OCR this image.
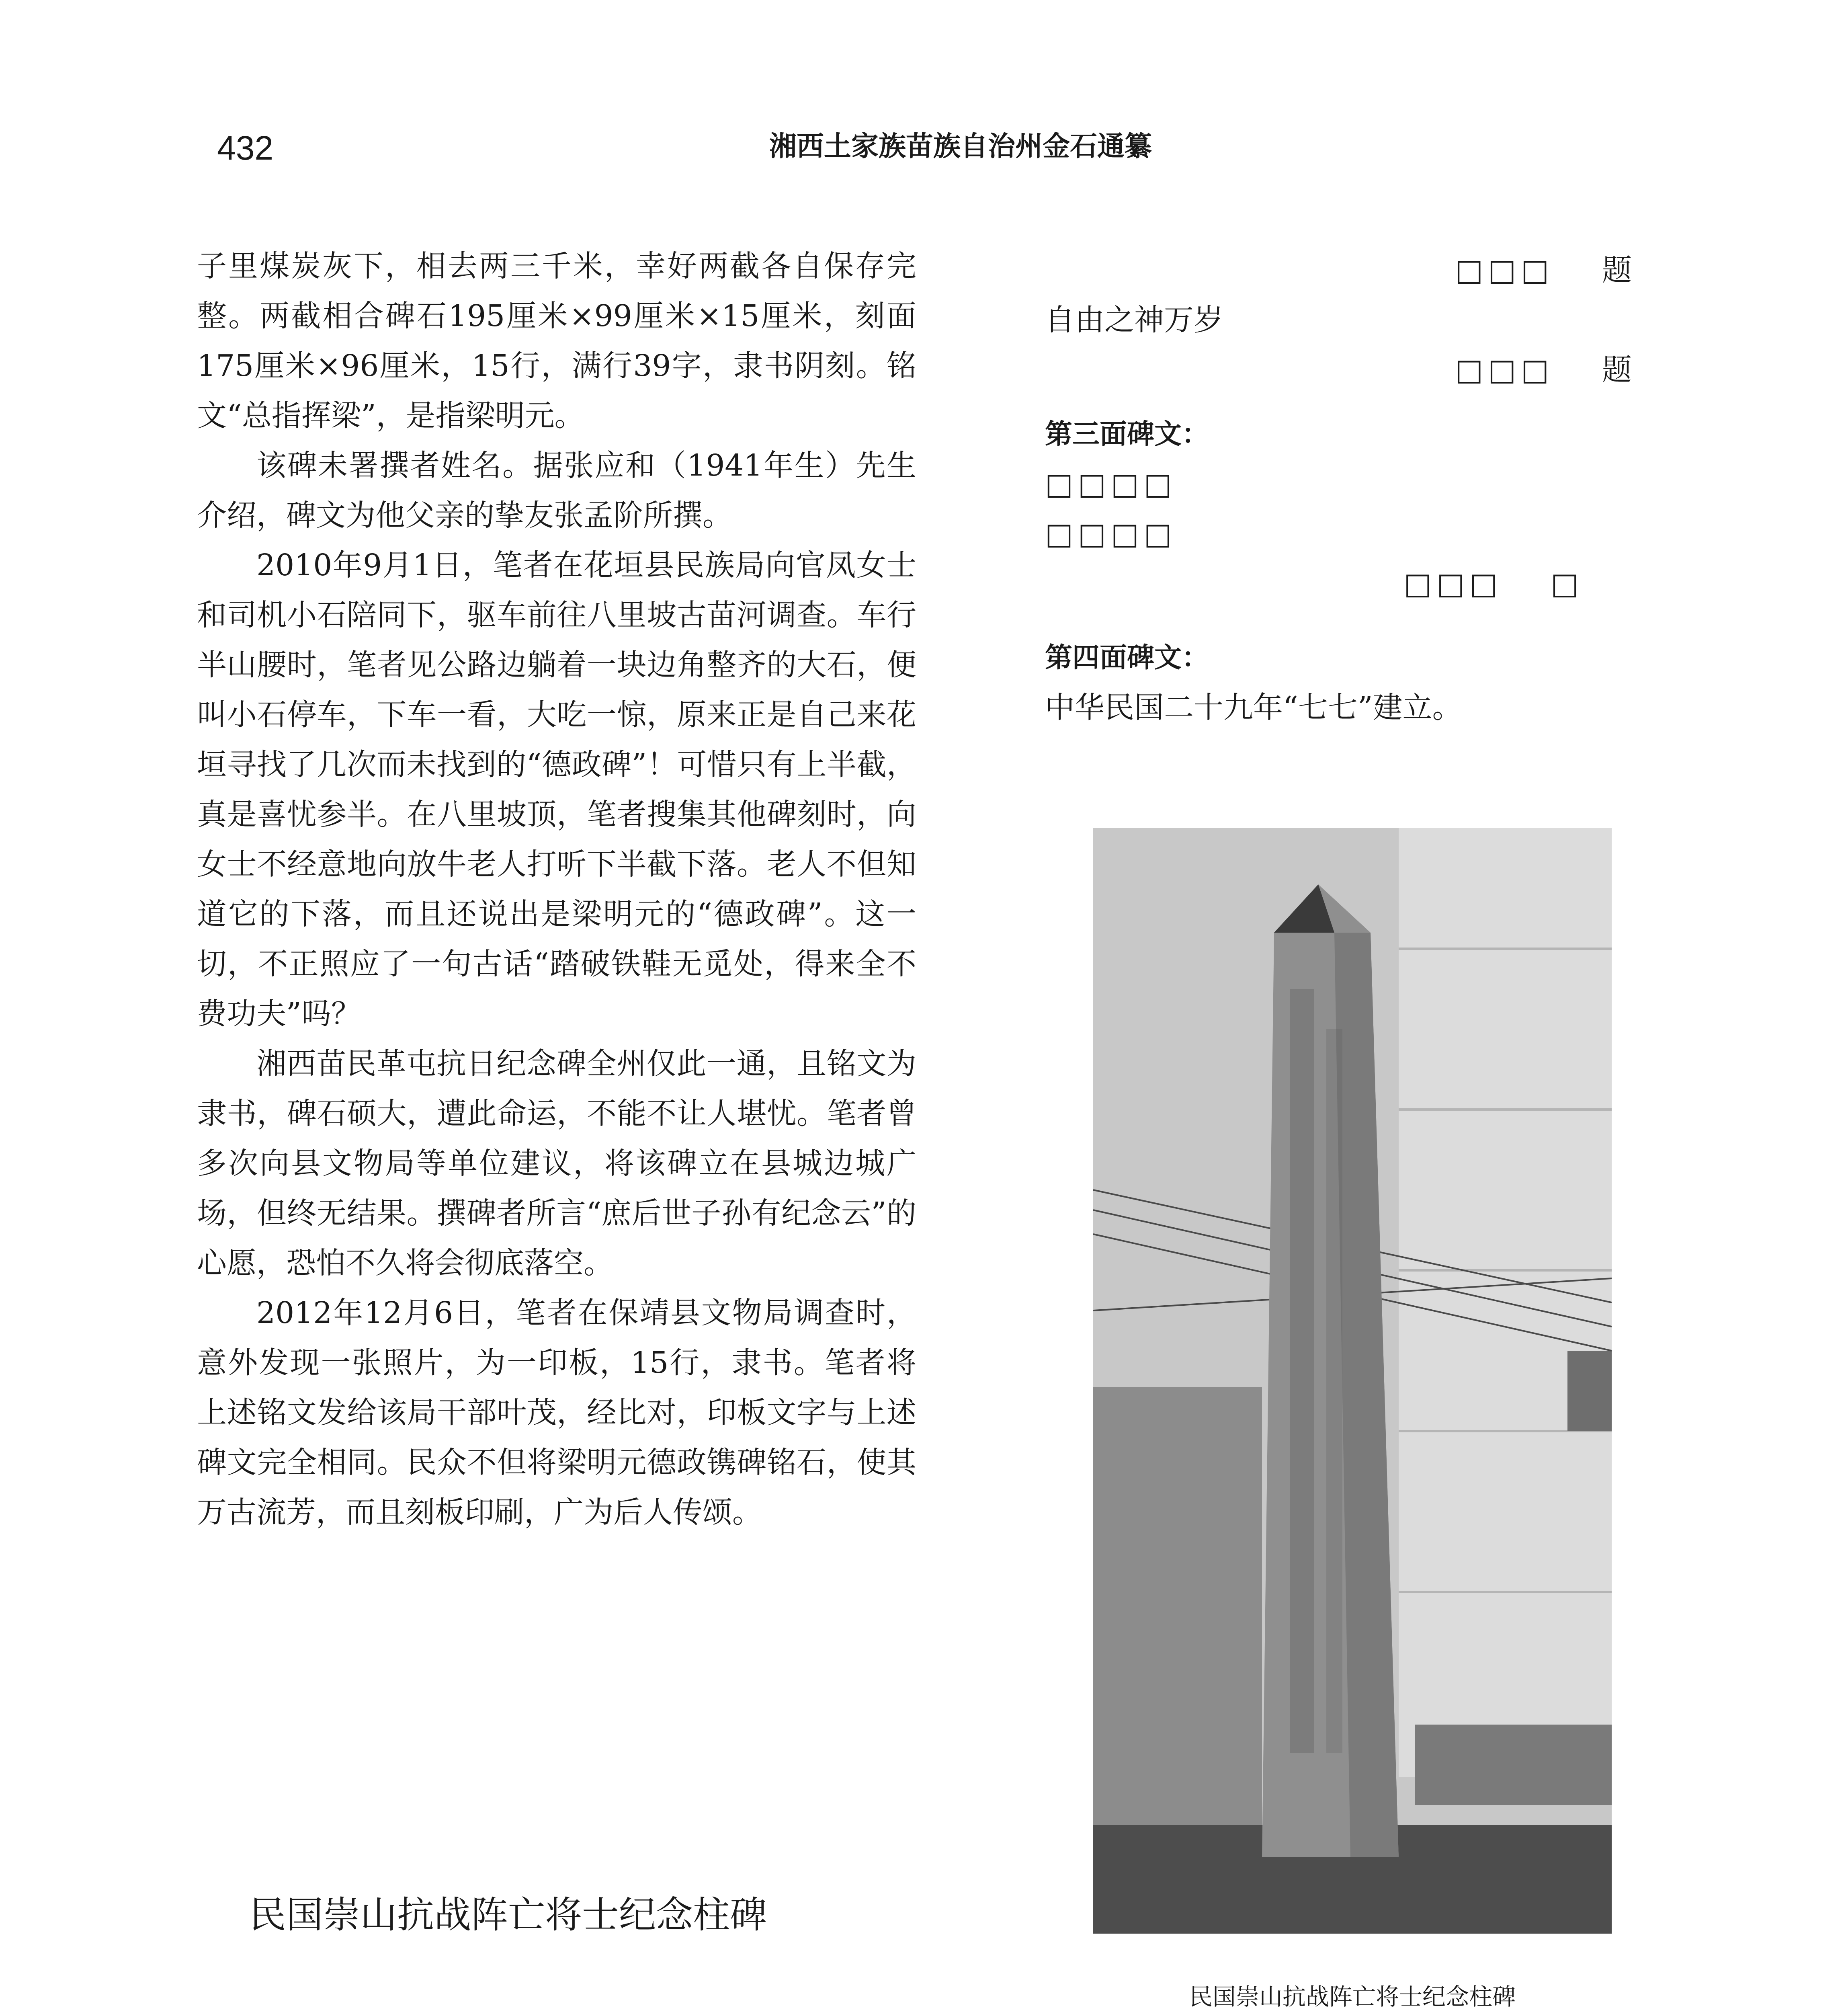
432	湘西土家族苗族自治州金石通纂

子里煤炭灰下，相去两三千米，幸好两截各自保存完整。两截相合碑石195厘米×99厘米×15厘米，刻面175厘米×96厘米，15行，满行39字，隶书阴刻。铭文“总指挥梁”，是指梁明元。

该碑未署撰者姓名。据张应和（1941年生）先生介绍，碑文为他父亲的挚友张孟阶所撰。

2010年9月1日，笔者在花垣县民族局向官凤女士和司机小石陪同下，驱车前往八里坡古苗河调查。车行半山腰时，笔者见公路边躺着一块边角整齐的大石，便叫小石停车，下车一看，大吃一惊，原来正是自己来花垣寻找了几次而未找到的“德政碑”！可惜只有上半截，真是喜忧参半。在八里坡顶，笔者搜集其他碑刻时，向女士不经意地向放牛老人打听下半截下落。老人不但知道它的下落，而且还说出是梁明元的“德政碑”。这一切，不正照应了一句古话“踏破铁鞋无觅处，得来全不费功夫”吗？

湘西苗民革屯抗日纪念碑全州仅此一通，且铭文为隶书，碑石硕大，遭此命运，不能不让人堪忧。笔者曾多次向县文物局等单位建议，将该碑立在县城边城广场，但终无结果。撰碑者所言“庶后世子孙有纪念云”的心愿，恐怕不久将会彻底落空。

2012年12月6日，笔者在保靖县文物局调查时，意外发现一张照片，为一印板，15行，隶书。笔者将上述铭文发给该局干部叶茂，经比对，印板文字与上述碑文完全相同。民众不但将梁明元德政镌碑铭石，使其万古流芳，而且刻板印刷，广为后人传颂。

□□□ 题
自由之神万岁
□□□ 题
第三面碑文：
□□□□
□□□□
□□□ □
第四面碑文：
中华民国二十九年“七七”建立。
民国崇山抗战阵亡将士纪念柱碑
民国崇山抗战阵亡将士纪念柱碑
